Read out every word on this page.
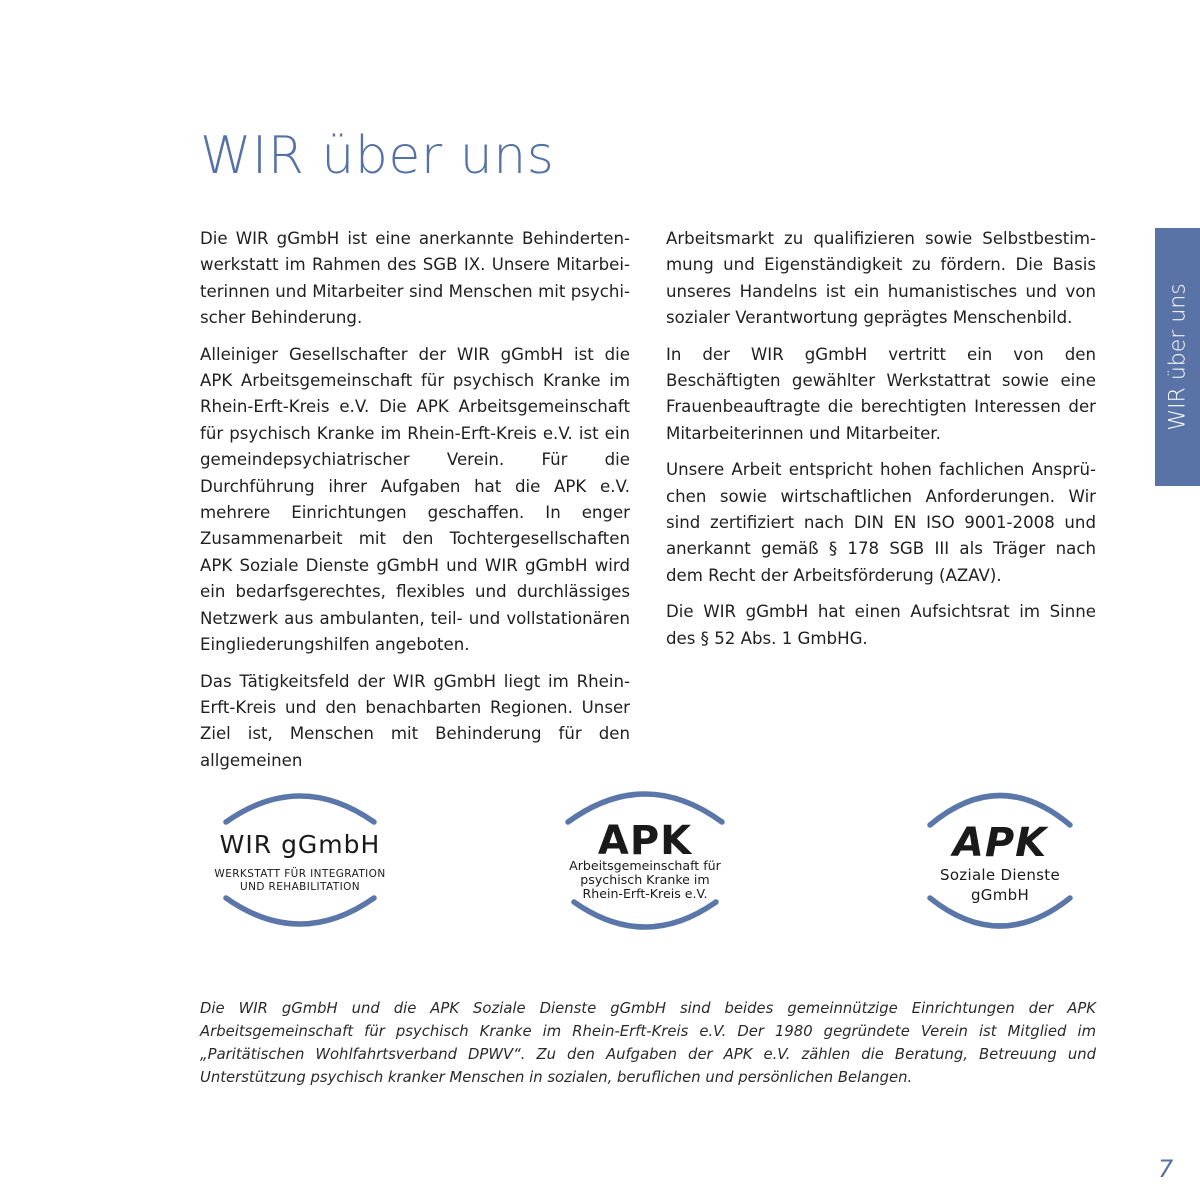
WIR über uns

Die WIR gGmbH ist eine anerkannte Behindertenwerkstatt im Rahmen des SGB IX. Unsere Mitarbeiterinnen und Mitarbeiter sind Menschen mit psychischer Behinderung.

Alleiniger Gesellschafter der WIR gGmbH ist die APK Arbeitsgemeinschaft für psychisch Kranke im Rhein-Erft-Kreis e.V. Die APK Arbeitsgemeinschaft für psychisch Kranke im Rhein-Erft-Kreis e.V. ist ein gemeindepsychiatrischer Verein. Für die Durchführung ihrer Aufgaben hat die APK e.V. mehrere Einrichtungen geschaffen. In enger Zusammenarbeit mit den Tochtergesellschaften APK Soziale Dienste gGmbH und WIR gGmbH wird ein bedarfsgerechtes, flexibles und durchlässiges Netzwerk aus ambulanten, teil- und vollstationären Eingliederungshilfen angeboten.

Das Tätigkeitsfeld der WIR gGmbH liegt im Rhein-Erft-Kreis und den benachbarten Regionen. Unser Ziel ist, Menschen mit Behinderung für den allgemeinen

Arbeitsmarkt zu qualifizieren sowie Selbstbestimmung und Eigenständigkeit zu fördern. Die Basis unseres Handelns ist ein humanistisches und von sozialer Verantwortung geprägtes Menschenbild.

In der WIR gGmbH vertritt ein von den Beschäftigten gewählter Werkstattrat sowie eine Frauenbeauftragte die berechtigten Interessen der Mitarbeiterinnen und Mitarbeiter.

Unsere Arbeit entspricht hohen fachlichen Ansprüchen sowie wirtschaftlichen Anforderungen. Wir sind zertifiziert nach DIN EN ISO 9001-2008 und anerkannt gemäß § 178 SGB III als Träger nach dem Recht der Arbeitsförderung (AZAV).

Die WIR gGmbH hat einen Aufsichtsrat im Sinne des § 52 Abs. 1 GmbHG.

WIR über uns
WIR gGmbH
WERKSTATT FÜR INTEGRATION
UND REHABILITATION
APK
Arbeitsgemeinschaft für
psychisch Kranke im
Rhein-Erft-Kreis e.V.
APK
Soziale Dienste
gGmbH

Die WIR gGmbH und die APK Soziale Dienste gGmbH sind beides gemeinnützige Einrichtungen der APK Arbeitsgemeinschaft für psychisch Kranke im Rhein-Erft-Kreis e.V. Der 1980 gegründete Verein ist Mitglied im „Paritätischen Wohlfahrtsverband DPWV“. Zu den Aufgaben der APK e.V. zählen die Beratung, Betreuung und Unterstützung psychisch kranker Menschen in sozialen, beruflichen und persönlichen Belangen.

7
